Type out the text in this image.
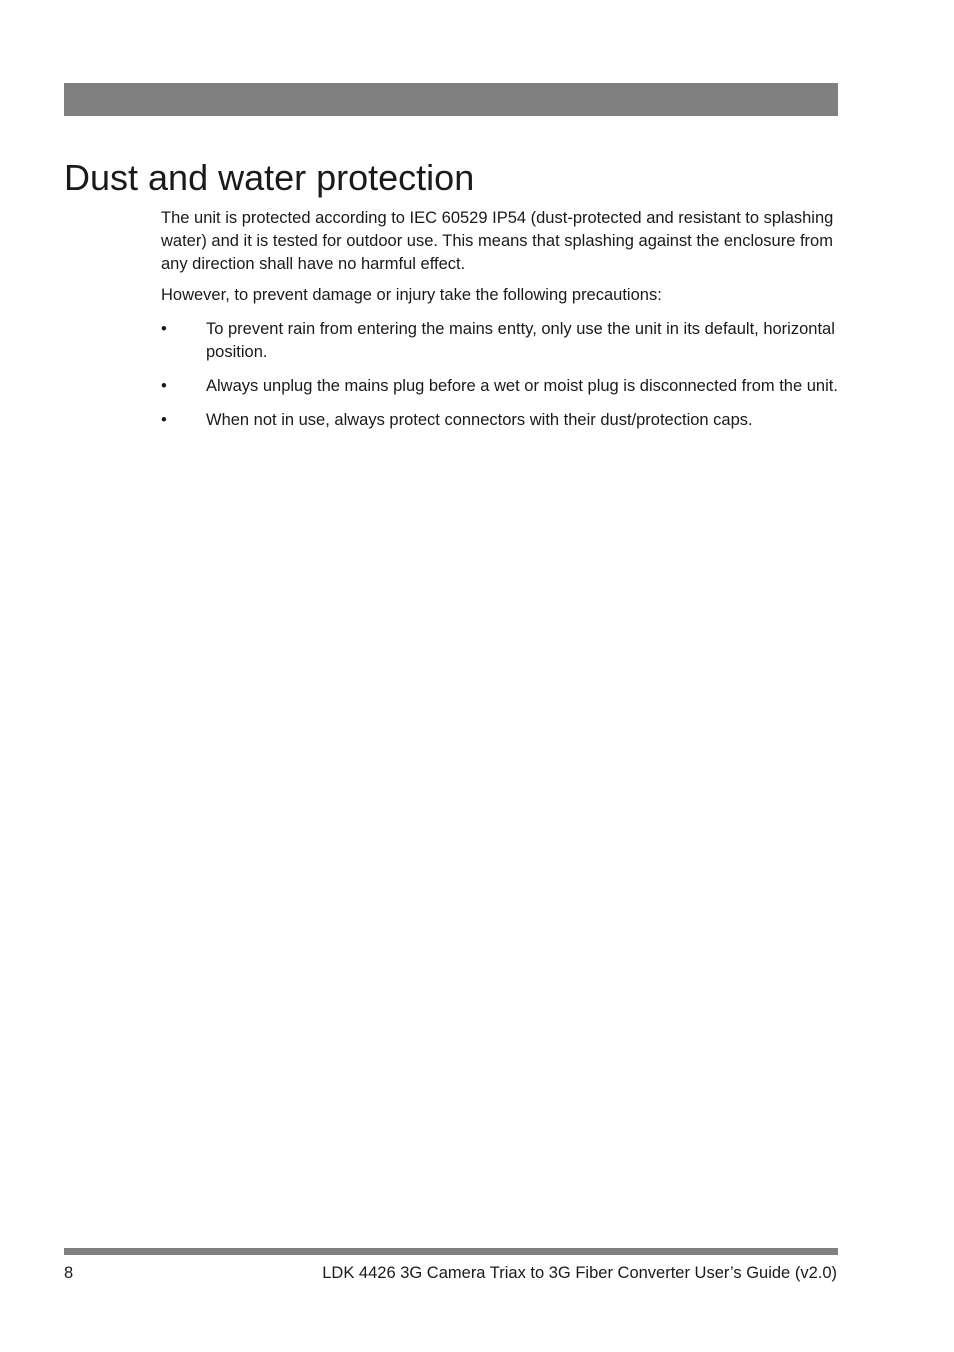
Dust and water protection

The unit is protected according to IEC 60529 IP54 (dust-protected and resistant to splashing water) and it is tested for outdoor use. This means that splashing against the enclosure from any direction shall have no harmful effect.

However, to prevent damage or injury take the following precautions:

• To prevent rain from entering the mains entty, only use the unit in its default, horizontal position.
• Always unplug the mains plug before a wet or moist plug is disconnected from the unit.
• When not in use, always protect connectors with their dust/protection caps.
8	LDK 4426 3G Camera Triax to 3G Fiber Converter User’s Guide (v2.0)
